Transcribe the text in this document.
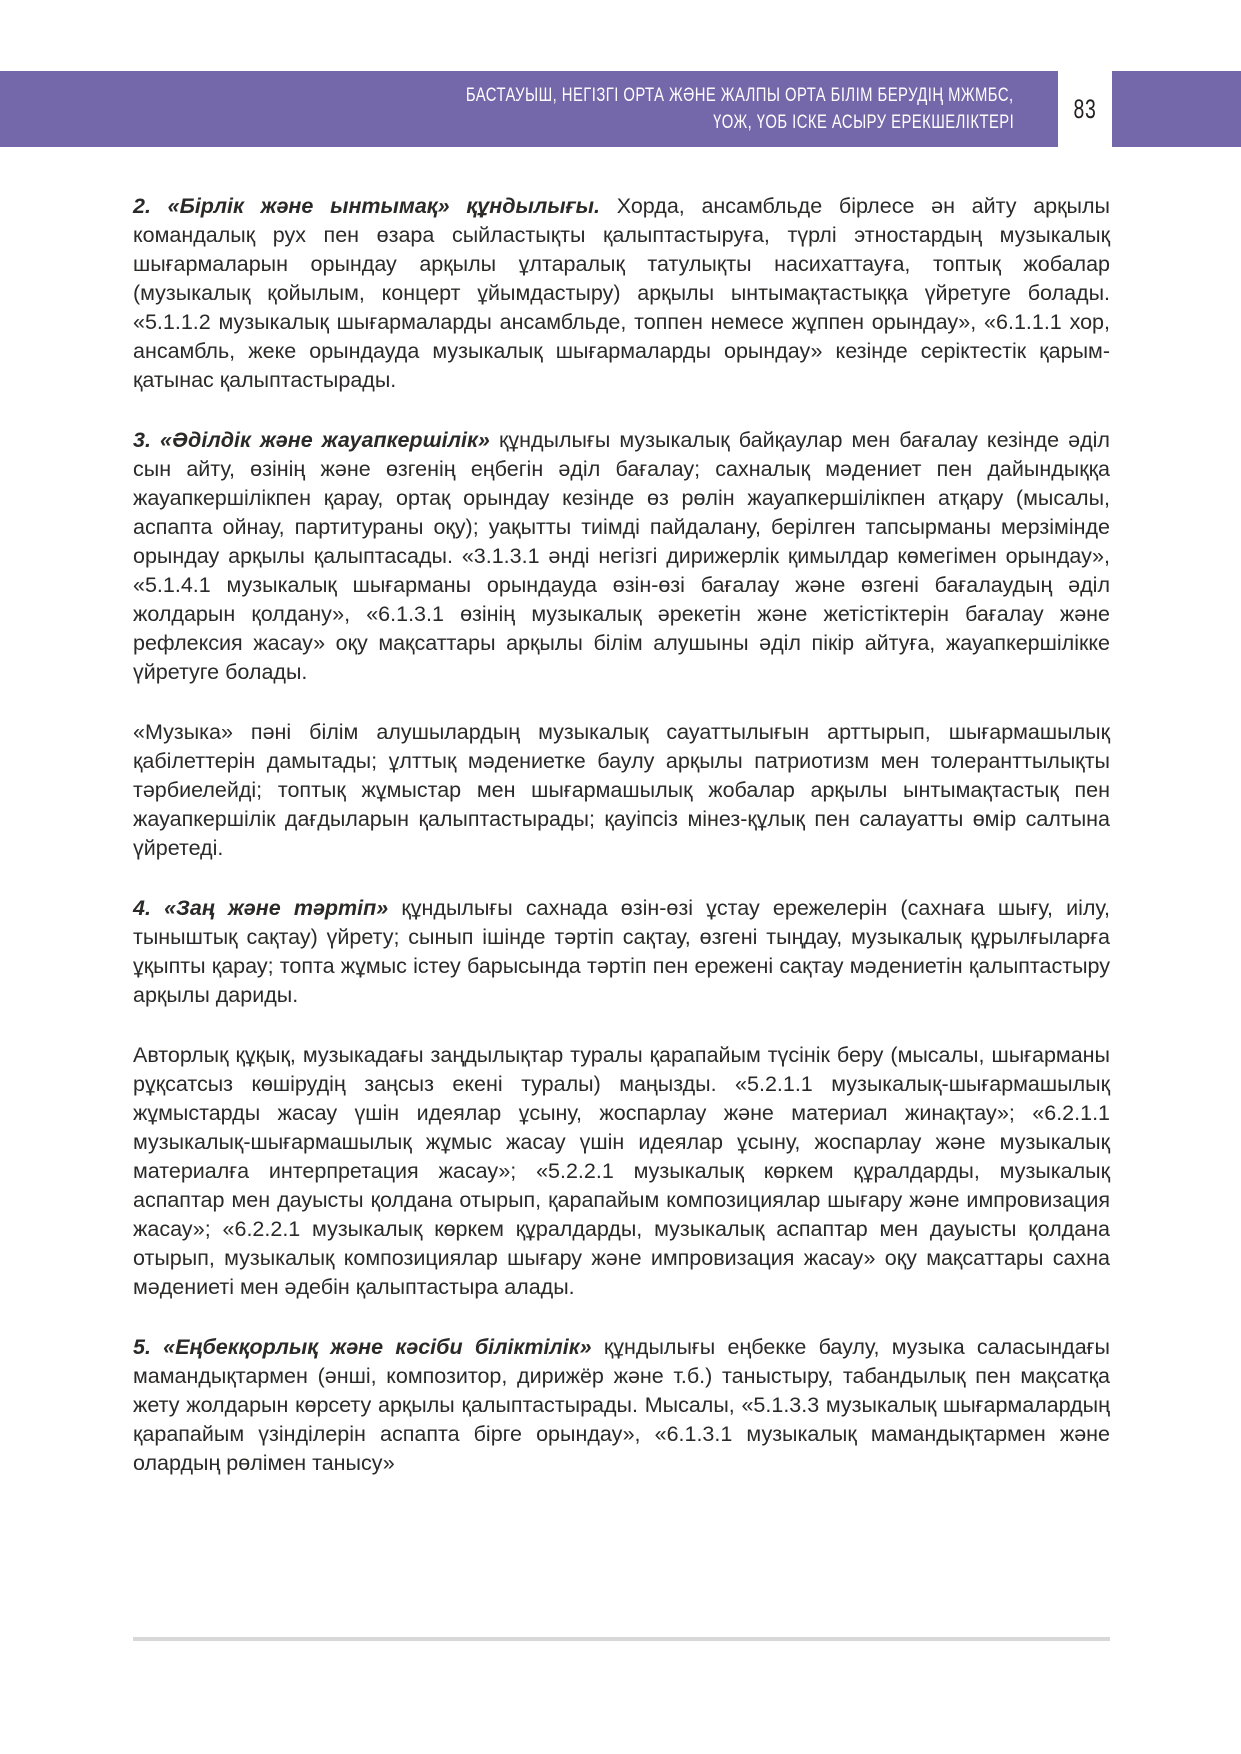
БАСТАУЫШ, НЕГІЗГІ ОРТА ЖӘНЕ ЖАЛПЫ ОРТА БІЛІМ БЕРУДІҢ МЖМБС,
ҮОЖ, ҮОБ ІСКЕ АСЫРУ ЕРЕКШЕЛІКТЕРІ 83

2. «Бірлік және ынтымақ» құндылығы. Хорда, ансамбльде бірлесе ән айту арқылы командалық рух пен өзара сыйластықты қалыптастыруға, түрлі этностардың музыкалық шығармаларын орындау арқылы ұлтаралық татулықты насихаттауға, топтық жобалар (музыкалық қойылым, концерт ұйымдастыру) арқылы ынтымақтастыққа үйретуге болады. «5.1.1.2 музыкалық шығармаларды ансамбльде, топпен немесе жұппен орындау», «6.1.1.1 хор, ансамбль, жеке орындауда музыкалық шығармаларды орындау» кезінде серіктестік қарым-қатынас қалыптастырады.

3. «Әділдік және жауапкершілік» құндылығы музыкалық байқаулар мен бағалау кезінде әділ сын айту, өзінің және өзгенің еңбегін әділ бағалау; сахналық мәдениет пен дайындыққа жауапкершілікпен қарау, ортақ орындау кезінде өз рөлін жауапкершілікпен атқару (мысалы, аспапта ойнау, партитураны оқу); уақытты тиімді пайдалану, берілген тапсырманы мерзімінде орындау арқылы қалыптасады. «3.1.3.1 әнді негізгі дирижерлік қимылдар көмегімен орындау», «5.1.4.1 музыкалық шығарманы орындауда өзін-өзі бағалау және өзгені бағалаудың әділ жолдарын қолдану», «6.1.3.1 өзінің музыкалық әрекетін және жетістіктерін бағалау және рефлексия жасау» оқу мақсаттары арқылы білім алушыны әділ пікір айтуға, жауапкершілікке үйретуге болады.

«Музыка» пәні білім алушылардың музыкалық сауаттылығын арттырып, шығармашылық қабілеттерін дамытады; ұлттық мәдениетке баулу арқылы патриотизм мен толеранттылықты тәрбиелейді; топтық жұмыстар мен шығармашылық жобалар арқылы ынтымақтастық пен жауапкершілік дағдыларын қалыптастырады; қауіпсіз мінез-құлық пен салауатты өмір салтына үйретеді.

4. «Заң және тәртіп» құндылығы сахнада өзін-өзі ұстау ережелерін (сахнаға шығу, иілу, тыныштық сақтау) үйрету; сынып ішінде тәртіп сақтау, өзгені тыңдау, музыкалық құрылғыларға ұқыпты қарау; топта жұмыс істеу барысында тәртіп пен ережені сақтау мәдениетін қалыптастыру арқылы дариды.

Авторлық құқық, музыкадағы заңдылықтар туралы қарапайым түсінік беру (мысалы, шығарманы рұқсатсыз көшірудің заңсыз екені туралы) маңызды. «5.2.1.1 музыкалық-шығармашылық жұмыстарды жасау үшін идеялар ұсыну, жоспарлау және материал жинақтау»; «6.2.1.1 музыкалық-шығармашылық жұмыс жасау үшін идеялар ұсыну, жоспарлау және музыкалық материалға интерпретация жасау»; «5.2.2.1 музыкалық көркем құралдарды, музыкалық аспаптар мен дауысты қолдана отырып, қарапайым композициялар шығару және импровизация жасау»; «6.2.2.1 музыкалық көркем құралдарды, музыкалық аспаптар мен дауысты қолдана отырып, музыкалық композициялар шығару және импровизация жасау» оқу мақсаттары сахна мәдениеті мен әдебін қалыптастыра алады.

5. «Еңбекқорлық және кәсіби біліктілік» құндылығы еңбекке баулу, музыка саласындағы мамандықтармен (әнші, композитор, дирижёр және т.б.) таныстыру, табандылық пен мақсатқа жету жолдарын көрсету арқылы қалыптастырады. Мысалы, «5.1.3.3 музыкалық шығармалардың қарапайым үзінділерін аспапта бірге орындау», «6.1.3.1 музыкалық мамандықтармен және олардың рөлімен танысу»
